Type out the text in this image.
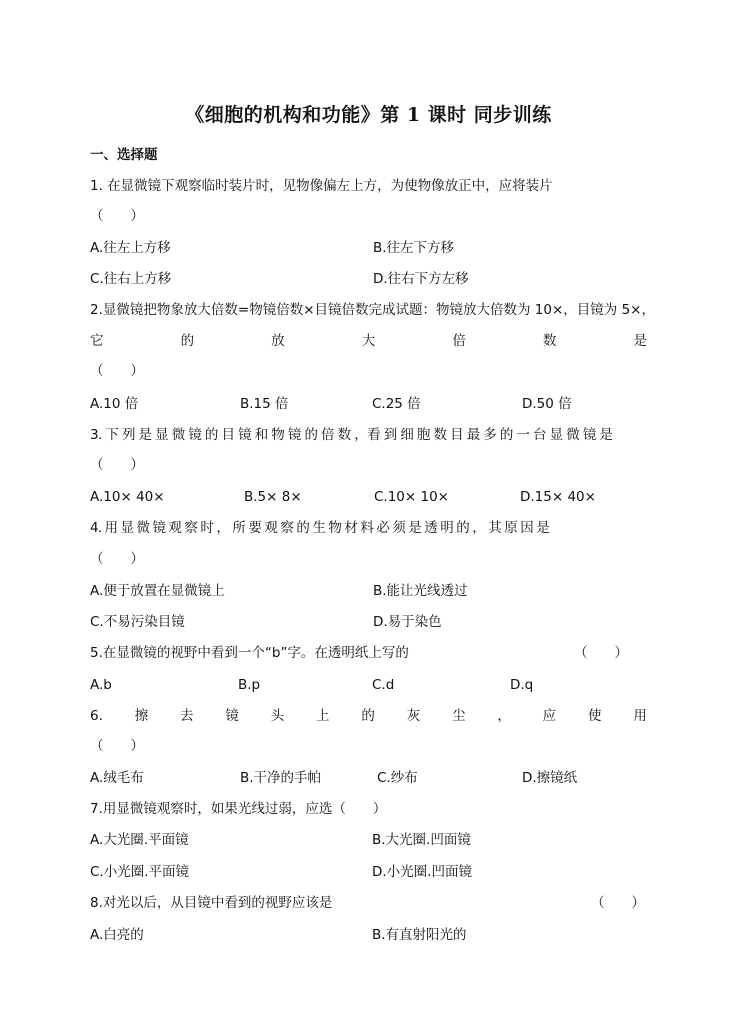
《细胞的机构和功能》第 1 课时 同步训练
一、选择题
1. 在显微镜下观察临时装片时，见物像偏左上方，为使物像放正中，应将装片
（　　）
A.往左上方移	B.往左下方移
C.往右上方移	D.往右下方左移
2.显微镜把物象放大倍数=物镜倍数×目镜倍数完成试题：物镜放大倍数为 10×，目镜为 5×，
它	的	放	大	倍	数	是
（　　）
A.10 倍	B.15 倍	C.25 倍	D.50 倍
3. 下 列 是 显 微 镜 的 目 镜 和 物 镜 的 倍 数 ，看 到 细 胞 数 目 最 多 的 一 台 显 微 镜 是
（　　）
A.10× 40×	B.5× 8×	C.10× 10×	D.15× 40×
4. 用 显 微 镜 观 察 时 ， 所 要 观 察 的 生 物 材 料 必 须 是 透 明 的 ， 其 原 因 是
（　　）
A.便于放置在显微镜上	B.能让光线透过
C.不易污染目镜	D.易于染色
5.在显微镜的视野中看到一个“b”字。在透明纸上写的	（　　）
A.b	B.p	C.d	D.q
6. 擦 去 镜 头 上 的 灰 尘 ， 应 使 用
（　　）
A.绒毛布	B.干净的手帕	C.纱布	D.擦镜纸
7.用显微镜观察时，如果光线过弱，应选（　　）
A.大光圈.平面镜	B.大光圈.凹面镜
C.小光圈.平面镜	D.小光圈.凹面镜
8.对光以后，从目镜中看到的视野应该是	（　　）
A.白亮的	B.有直射阳光的
